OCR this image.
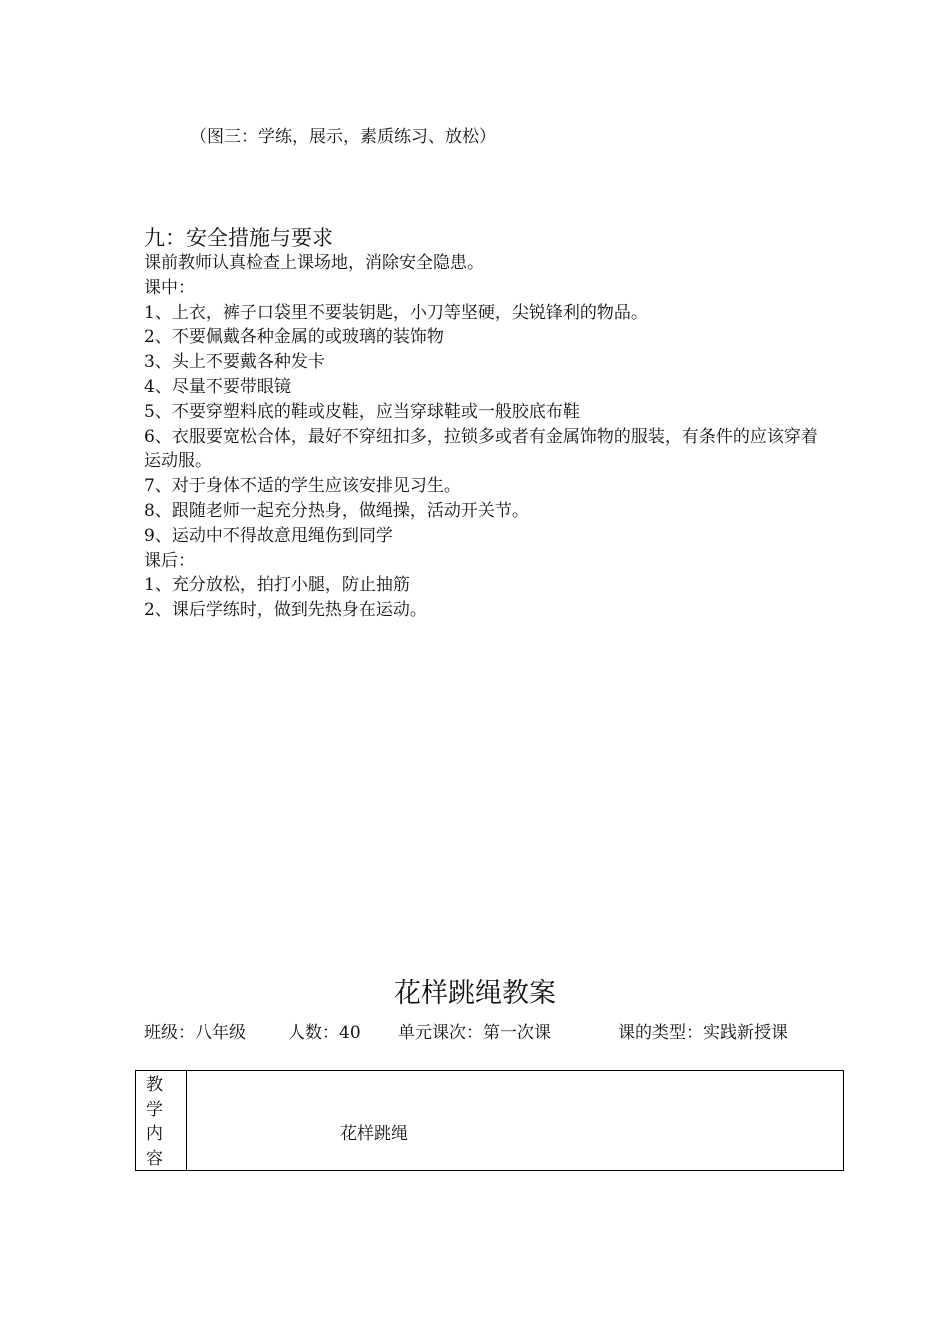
（图三：学练，展示，素质练习、放松）
九：安全措施与要求
课前教师认真检查上课场地，消除安全隐患。
课中：
1、上衣，裤子口袋里不要装钥匙，小刀等坚硬，尖锐锋利的物品。
2、不要佩戴各种金属的或玻璃的装饰物
3、头上不要戴各种发卡
4、尽量不要带眼镜
5、不要穿塑料底的鞋或皮鞋，应当穿球鞋或一般胶底布鞋
6、衣服要宽松合体，最好不穿纽扣多，拉锁多或者有金属饰物的服装，有条件的应该穿着运动服。
7、对于身体不适的学生应该安排见习生。
8、跟随老师一起充分热身，做绳操，活动开关节。
9、运动中不得故意甩绳伤到同学
课后：
1、充分放松，拍打小腿，防止抽筋
2、课后学练时，做到先热身在运动。
花样跳绳教案
班级：八年级 人数：40 单元课次：第一次课	课的类型：实践新授课
教
学
内
容
花样跳绳
